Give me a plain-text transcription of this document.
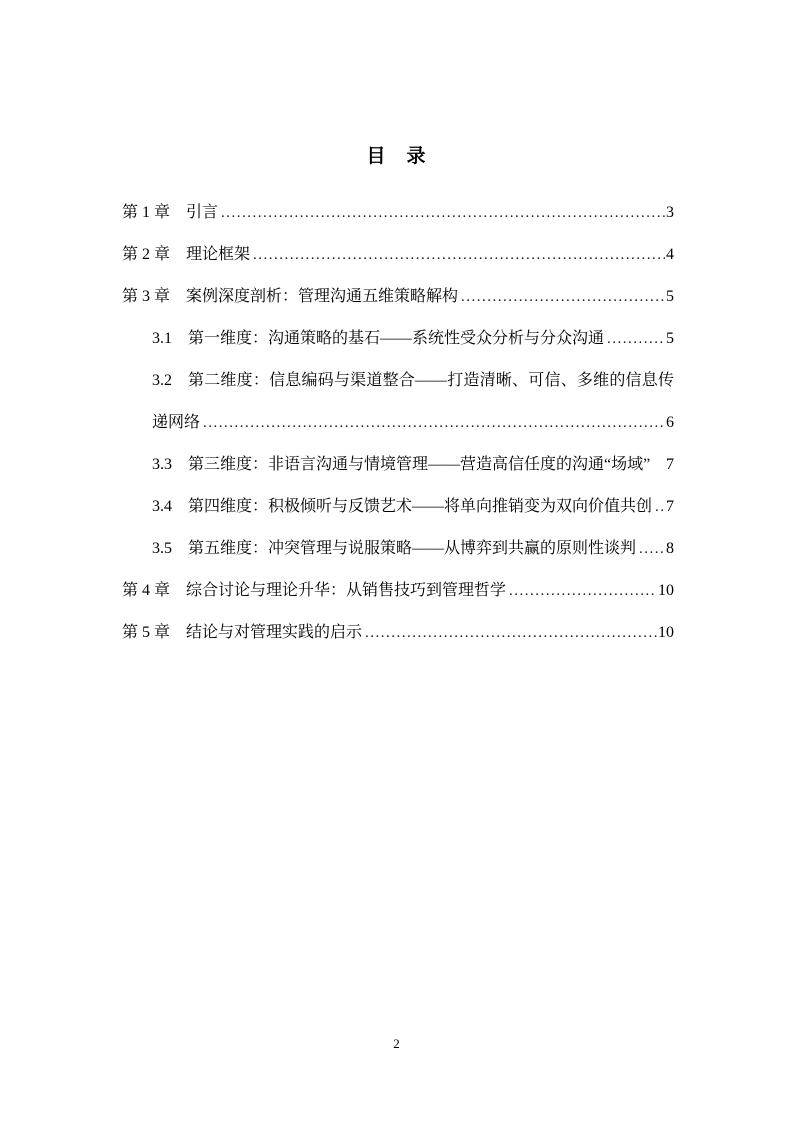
目　录
第 1 章 引言 .....	3
第 2 章 理论框架 .....	4
第 3 章 案例深度剖析：管理沟通五维策略解构 .....	5
3.1 第一维度：沟通策略的基石——系统性受众分析与分众沟通 .....	5
3.2 第二维度：信息编码与渠道整合——打造清晰、可信、多维的信息传
递网络 .....	6
3.3 第三维度：非语言沟通与情境管理——营造高信任度的沟通“场域” 7
3.4 第四维度：积极倾听与反馈艺术——将单向推销变为双向价值共创 ..... 7
3.5 第五维度：冲突管理与说服策略——从博弈到共赢的原则性谈判 ..... 8
第 4 章 综合讨论与理论升华：从销售技巧到管理哲学 .....	10
第 5 章 结论与对管理实践的启示 .....	10
2
